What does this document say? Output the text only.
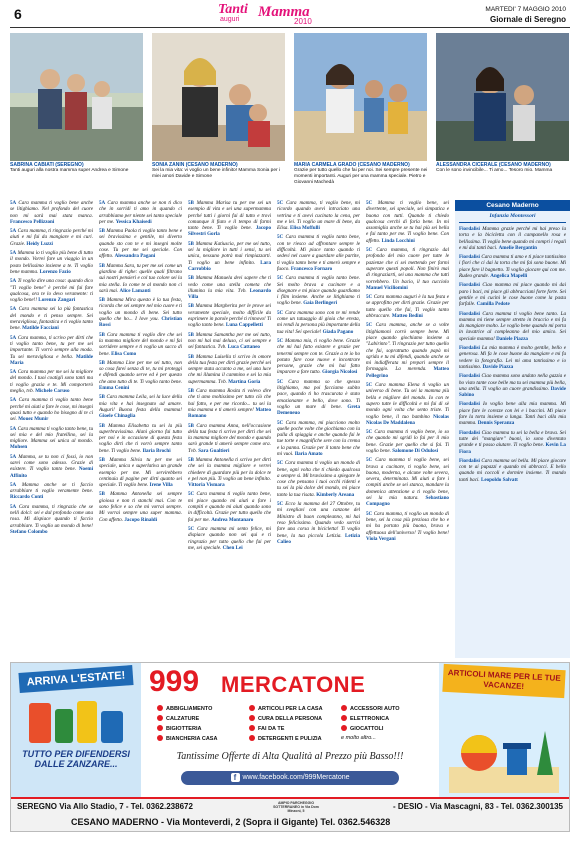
6	Tanti
auguri Mamma
2010
MARTEDI' 7 MAGGIO 2010
Giornale di Seregno
SABRINA CABIATI (SEREGNO)
Tanti auguri alla nostra mamma super Andrea e Simone
SONIA ZANIN (CESANO MADERNO)
Sei la mia vita: vi voglio un bene infinito! Mamma Sonia per i miei amori Davide e Simone
MARIA CARMELA GRADO (CESANO MADERNO)
Grazie per tutto quello che fai per noi. Sei sempre presente nei momenti importanti. Auguri per una mamma speciale. Pietro e Giovanni Machedà
ALESSANDRA CICERALE (CESANO MADERNO)
Con le sono invincibile... Ti amo... Tesoro mio. Mamma

5A Cara mamma ti voglio bene anche se litighiamo. Nel profondo del cuore non mi sarà mai stata manca. Francesco Pellizzoni

5A Cara mamma, ti ringrazio perché mi aiuti e mi fai da mangiare e mi curi. Grazie. Heidy Luzzi

5A Mamma io ti voglio più bene di tutto il mondo. Vorrei fare un viaggio in un posto bellissimo insieme a te. Ti voglio bene mamma. Lorenzo Fazio

5A Ti voglio dire una cosa: quando dico "Ti voglio bene" è perché mi fai fare qualcosa, ora te lo devo veramente: ti voglio bene!! Lorenzo Zangari

5A Cara mamma sei la più fantastica del mondo e ti penso sempre. Sei meravigliosa, fantastica e ti voglio tanto bene. Matilde Facciani

5A Cara mamma, ti scrivo per dirti che ti voglio tanto bene, tu per me sei importante. Ti vorrò sempre alla moda. Tu sei meravigliosa e bella. Matilde Maria

5A Cara mamma per me sei la migliore del mondo. I tuoi coatigli sono tanti ma ti voglio grazia e te. Mi comporterò meglio, tvb. Michele Caruso

5A Cara mamma ti voglio tanto bene perché mi aiuti a fare le cose, mi insegni quasi tutto e quando ho bisogno di te ci sei. Mouez Munir

5A Cara mamma ti voglio tanto bene, tu sei mia e del mio fratellino, sei la migliore. Mamma sei unica al mondo. Mohsen

5A Mamma, se tu non ci fossi, io non sarei come sono adesso. Grazie di esistere. Ti voglio tanto bene. Noemi Affinito

5A Mamma anche se ti faccio arrabbiare ti voglio veramente bene. Riccardo Conti

5A Cara mamma, ti ringrazio che se nelli dolci: sei e dal profondo come una rosa. Mi dispiace quando ti faccio arrabbiare. Ti voglio un mondo di bene! Stefano Colombo

5A Cara mamma anche se non ti dico che in sorridi ti amo in quando ci arrabbiamo per niente sei tanto speciale per me. Yessica Khaisedi

5B Mamma Paola ti voglio tanto bene e sei bravissima e gentile, mi diverto quando sto con te e mi insegni molte cose. Tu per me sei speciale. Con affetto. Alessandra Pagani

5B Mamma Sara, tu per me sei come un giardino di righe: quelle quali filtrano sui nostri pensieri e col tuo colore sei la mia stella. Io come te al mondo non ci sarà mai. Alice Lamanti

5B Mamma Mira questo è la tua festa, ricorda che sei sempre nel mio cuore e ti voglio un mondo di bene. Sei tutto quello che ho... I love you. Christian Rossi

5B Cara mamma ti voglio dire che sei la mamma migliore del mondo e mi fai sorridere sempre e ti voglio un sacco di bene. Elisa Como

5B Mamma Line per me sei tutto, non so cosa farei senza di te, tu mi proteggi e difendi quando serve ed è per questo che amo tutto di te. Ti voglio tanto bene. Emma Cenini

5B Cara mamma Leila, sei la luce della mia vita e hai insegnato ad amare. Auguri! Buona festa della mamma! Gioele Chinaglia

5B Mamma Elisabetta tu sei la più superbravissima. Alani giorno fai tutto per noi e in occasione di questa festa voglio dirti che ti vorrò sempre tanto bene. Ti voglio bene. Ilaria Brochi

5B Mamma Silvia tu per me sei speciale, unica e superlativa un grande esempio per me. Mi servirebbero centinaia di pagine per dirti quanto sei speciale. Ti voglio bene. Irene Villa

5B Mamma Antonella sei sempre gioiosa e non ti stanchi mai. Con te sono felice e so che mi vorrai sempre. Mi vorrai sempre una super mamma. Con affetto. Jacopo Rinaldi

5B Mamma Marisa tu per me sei un esempio di vita e sei una supermamma perché tutti i giorni fai di tutto e trovi comunque il fiato e il tempo di farmi tanto bene. Ti voglio bene. Jacopo Silvestri Gorla

5B Mamma Katiuscia, per me sei tutto, sei la migliore in tutti i sensi, tu sei unica, nessuno potrà mai rimpiazzarti. Ti voglio un bene infinito. Lara Carrobbio

5B Mamma Manuela devi sapere che ti vedo come una stella cometa che illumina la mia vita. Tvb. Leonardo Villa

5B Mamma Margherita per le prove sei veramente speciale, molto difficile da esprimere in parole perché ti rinnovo! Ti voglio tanto bene. Luna Cappelletti

5B Mamma Samantha per me sei tutto, non mi hai mai deluso, ci sei sempre e sei fantastica. Tvb. Luca Cattaneo

5B Mamma Luisella ti scrivo in omore della tua festa per dirti grazie perché sei sempre stata accanto a me, sei una luce che mi illumina il cammino e sei la mia supermamma. Tvb. Martina Goria

5B Cara mamma Rosita ti volevo dire che ti amo moltissimo per tutto ciò che hai fatto, e per me ricordo... tu sei la mia mamma e ti amerò sempre! Matteo Romano

5B Cara mamma Anna, nell'occasione della tua festa ti scrivo per dirti che sei la mamma migliore del mondo e quando sarò grande ti amerò sempre come ora. Tvb. Sara Gualtieri

5B Mamma Antonella ti scrivo per dirti che sei la mamma migliore e verrei chiedere di guardare più per la dolce te e pel non più. Ti voglio un bene infinito. Vittoria Vismara

5C Cara mamma ti voglio tanto bene, mi piace quando mi aiuti a fare i compiti e quando mi aiuti quando sono in difficoltà. Grazie per tutto quello che fai per me. Andrea Montanaro

5C Cara mamma mi sento felice, mi dispiace quando non sei qui e ti ringrazio per tutto quello che fai per me, sei speciale. Chen Lei

5C Cara mamma, ti voglio bene, mi ricordo quando avevi intraciato una vetrina e ti avevi cucinato la cena, per me e lei. Ti voglio un mare di bene, da Elisa. Elisa Moffulli

5C Cara mamma ti voglio tanto bene, con te riesco ad affrontare sempre le difficoltà. Mi piace tanto quando ti sedevi nel cuore a guardare alle partite, ti voglio tanto bene e ti amerò sempre e fuoco. Francesco Fornaro

5C Cara mamma ti voglio tanto bene. Sei molto brava a cucinare e a disegnare e mi piace quando guardiamo i film insieme. Anche se litighiamo ti voglio bene. Gaia Berlingeri

5C Cara mamma sono con te mi rende come un tatuaggio di gioia che eresta, mi rendi la persona più importante della tua vita! Sei speciale! Giada Pagano

5C Mamma mia, ti voglio bene. Grazie che mi hai fatto esistere e grazie per tenermi sempre con te. Grazie a te io ho potuto fare cose nuove e incontrare persone, grazie che mi hai fatto imparare a fare tutto. Giorgia Nicolosi

5C Cara mamma so che spesso litighiamo, ma poi facciamo subito pace, quando ti ho trascurata è stato emozionante e bello, dove sono. Ti voglio un mare di bene. Greta Demeneuo

5C Cara mamma, mi piacciono molto quelle poche volte che giochiamo con la palla di spiaggia e anche quando fai le tue torte e magnifiche sere con la crema e la panna. Grazie per il tanto bene che mi vuoi. Ilaria Amato

5C Cara mamma ti voglio un mondo di bene, ogni volta che ti chiedo qualcosa a sempre sì. Mi bravissimo a spiegare le cose che pensano i tuoi occhi ridenti e tu sei la più dolce del mondo, mi piace tanto la tua risata. Kimberly Areana

5C Ecco la mamma del 27 Ottobre, tu mi svegliavi con una canzone del Ministro di buon compleanno, mi hai reso felicissimo. Quando vedo sorrisi fare una corsa in bicicletta! Ti voglio bene, la tua piccola Letizia. Letizia Calieo

5C Mamma ti voglio bene, sei divertente, sei speciale, sei simpatica e buona con tutti. Quando ti chiedo qualcosa cerchi di farla bene. In mi assomiglia anche se tu hai più sei bella e fai tanto per me. Ti voglio bene. Con affetto. Linda Locchini

5C Cara mamma, ti ringrazio dal profondo del mio cuore per tutte le pazienze che ci sei mettendo per farmi superare questi popoli. Non finirò mai di ringraziarti, sei una mamma che tutti vorrebbero. Un bacio, il tuo cucciolo Manuel Viciliomini

5C Cara mamma auguri è la tua festa e se approfitto per dirti grazie. Grazie per tutto quello che fai, Ti voglio tanto abbraccare. Matteo Bedini

5C Cara mamma, anche se a volte litighiamoni corrò sempre bene. Mi piace quando giochiamo insieme a "Labirinto". Ti ringrazio per tutto quello che fai, soprattutto quando papà mi sgrida e tu mi difendi, quando anche se mi indiafferata mi prepari sempre il formaggio. La merenda. Matteo Pellegrino

5C Cara mamma Elena ti voglio un universo di bene. Tu sei la mamma più bella e migliore del mondo. Io con te supero tutte le difficoltà e mi fai di sè mondo ogni volta che sento triste. Ti voglio bene, il tuo bambino Nicolas Nicolas De Maddalena

5C Cara mamma ti voglio bene, io so che quando mi sgridi lo fai per il mio bene. Grazie per quello che si fai. Ti voglio bene. Salomone Di Odulosi

5C Cara mamma ti voglio bene, sei brava a cucinare, ti voglio bene, sei buona, moderna, e alcune volte severa, severa, determinata. Mi aiuti a fare i compiti anche se sei stanca, mandare la domenica attenzione a ti voglio bene, sei la mia natura. Sebastiano Compagno

5C Cara mamma, ti voglio un mondo di bene, sei la cosa più preziosa che ho e mi ha portato più buona, brava e affettuosa dell'universo! Ti voglio bene! Viola Vergani

Cesano Maderno
Infanzia Montessori
Fiordalisi Mamma grazie perché mi hai preso la torta e la bicicletta con il campanello rosa e bellissima. Ti voglio bene quando mi compri i regali e mi dai tanti baci. Amelie Bergantin
Fiordalisi Cara mamma ti amo e ti piace tantissimo i fiori che ci dai la torta che mi fai sono buone. Mi piace fare il bagnetto. Ti voglio giocare qui con me. Rudeo grande. Angelica Mapelli
Fiordalisi Ciao mamma mi piace quando mi dai paro i baci, mi piace gli abbracciani forte forte. Sei gentile e mi cucini le cose buone come la pasta farfalle. Camilla Pedote
Fiordalisi Cara mamma ti voglio bene tanto. La mamma mi tiene sempre stretto in braccio e mi fa da mangiare molto. Le voglio bene quando mi porta in lavatrice al compleanno del mio amico. Sei speciale mamma! Daniele Piazza
Fiordalisi La mia mamma è molto gentile, bello e generosa. Mi fa le cose buone da mangiare e mi fa vedere la fotografia. Lei mi ama tantissimo e io tantissimo. Davide Piazza
Fiordalisi Ciao mamma sono andato nella gazzia e ho visto tante cose belle ma tu sei mamma più bella, una stella. Ti voglio un cuore grandissimo. Davide Sabino
Fiordalisi Io voglio bene alla mia mamma. Mi piace fare le corezze con lei e i baccini. Mi piace fare la torta insieme a lunga. Tanti baci alla mia mamma. Dennis Speranza
Fiordalisi Ciao mamma tu sei la bella e brava. Sei tutte dei "mangiare" buoni, io sono diventato grande e ti posso aiutare. Ti voglio bene. Kevin La Fiora
Fiordalisi Cara mamma sei bella. Mi piace giocare con te ai pupazzi e quando mi abbracci. E bello quando mi coccoli e dormire insieme. Ti mando tanti baci. Leopoldo Salvatt
ARRIVA L'ESTATE!
TUTTO PER DIFENDERSI DALLE ZANZARE...
999 MERCATONE
ABBIGLIAMENTO	ARTICOLI PER LA CASA	ACCESSORI AUTO
CALZATURE	CURA DELLA PERSONA	ELETTRONICA
BIGIOTTERIA	FAI DA TE	GIOCATTOLI
BIANCHERIA CASA	DETERGENTI E PULIZIA	e molto altro...
Tantissime Offerte di Alta Qualità al Prezzo più Basso!!!
f www.facebook.com/999Mercatone
ARTICOLI MARE PER LE TUE VACANZE!
SEREGNO Via Allo Stadio, 7 - Tel. 0362.238672	AMPIO PARCHEGGIO SOTTERRANEO in Via Dom Minzoni, 5	- DESIO - Via Mascagni, 83 - Tel. 0362.300135
CESANO MADERNO - Via Monteverdi, 2 (Sopra il Gigante) Tel. 0362.546328
